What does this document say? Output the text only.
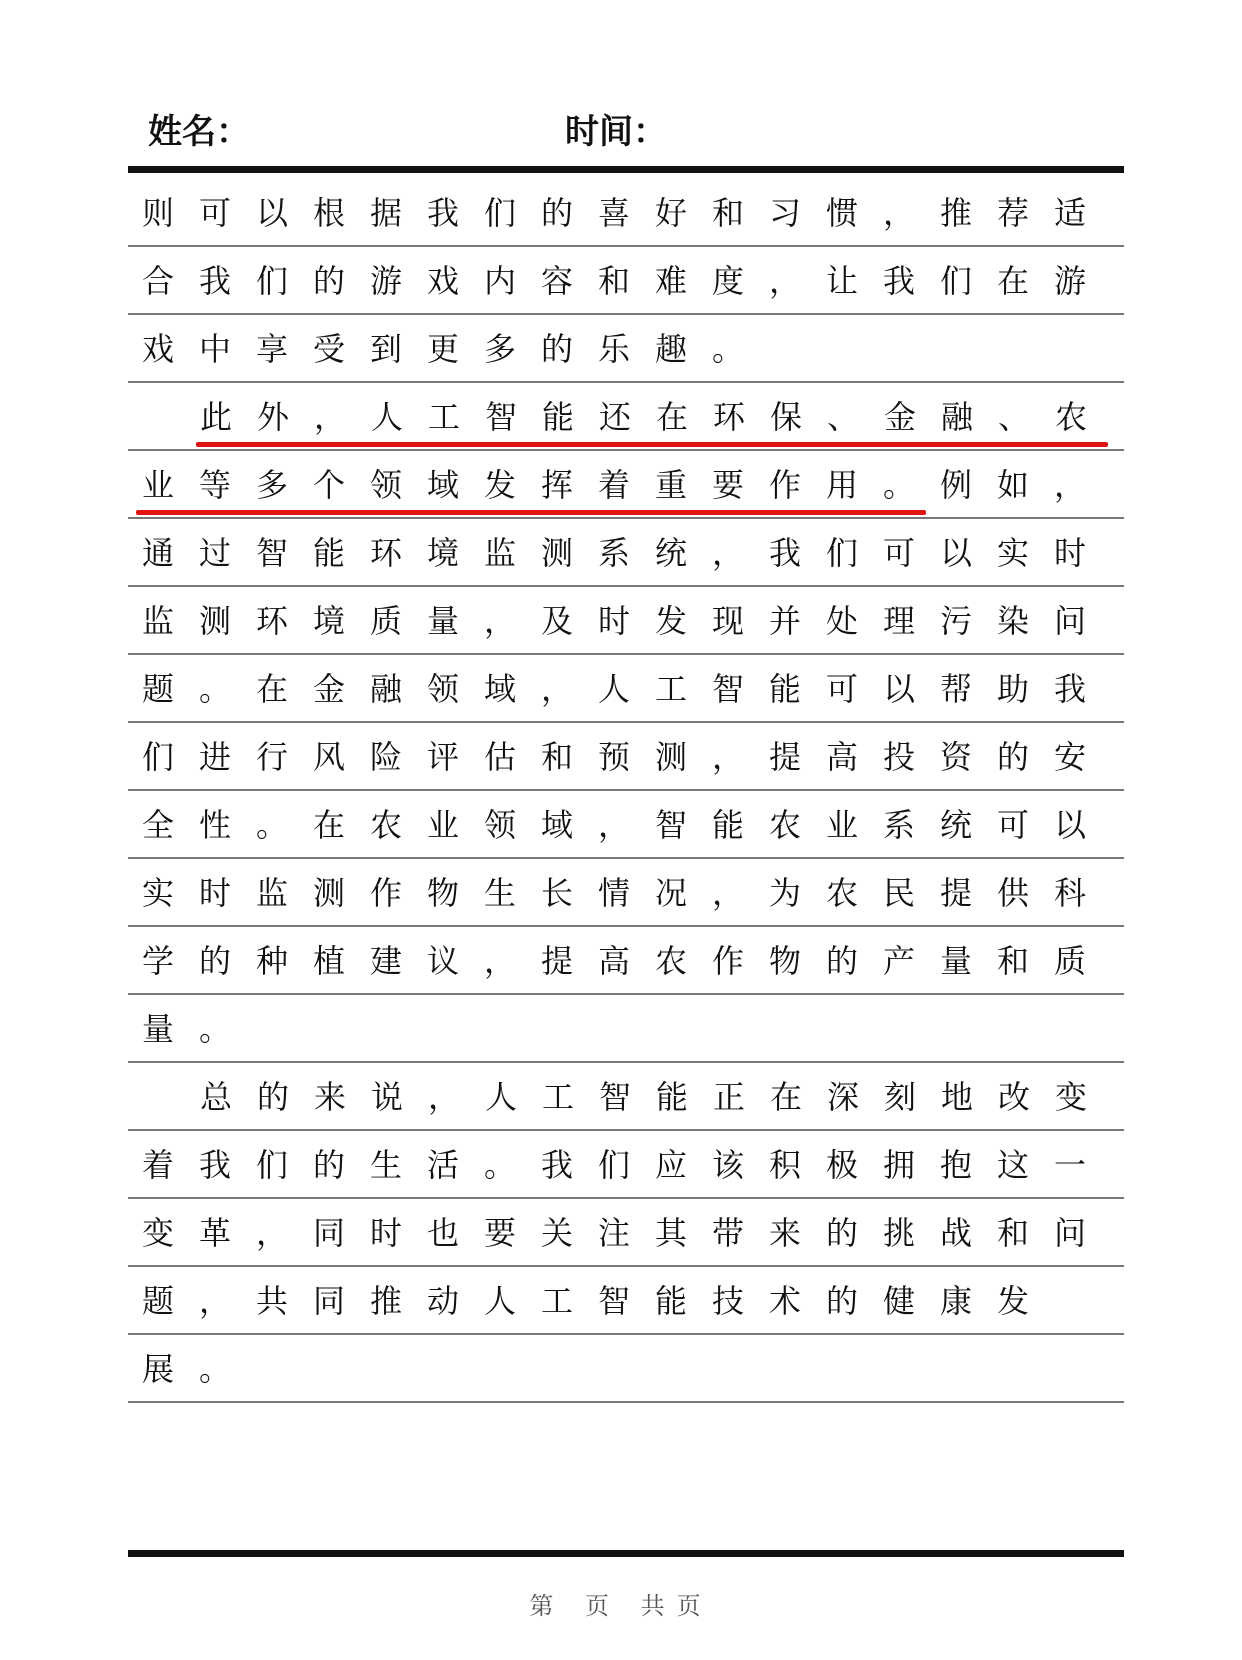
姓名：	时间：
则可以根据我们的喜好和习惯，推荐适
合我们的游戏内容和难度，让我们在游
戏中享受到更多的乐趣。
此外，人工智能还在环保、金融、农
业等多个领域发挥着重要作用。例如，
通过智能环境监测系统，我们可以实时
监测环境质量，及时发现并处理污染问
题。在金融领域，人工智能可以帮助我
们进行风险评估和预测，提高投资的安
全性。在农业领域，智能农业系统可以
实时监测作物生长情况，为农民提供科
学的种植建议，提高农作物的产量和质
量。
总的来说，人工智能正在深刻地改变
着我们的生活。我们应该积极拥抱这一
变革，同时也要关注其带来的挑战和问
题，共同推动人工智能技术的健康发
展。
第 页 共页
